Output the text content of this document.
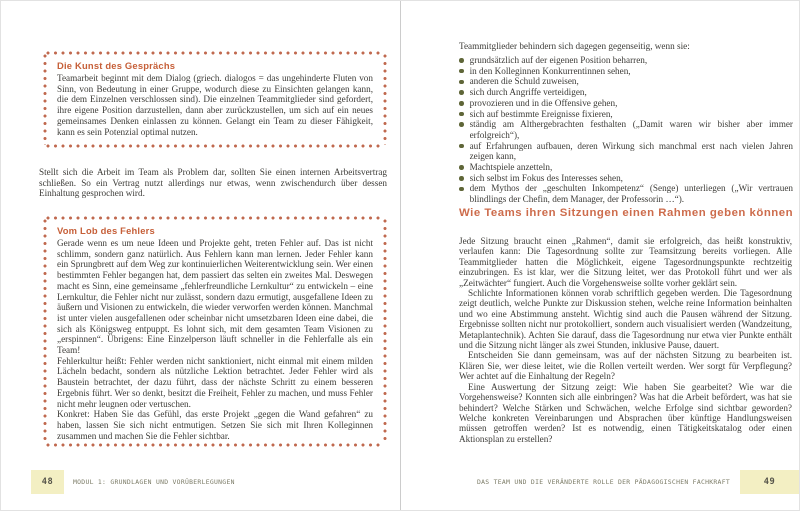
Die Kunst des Gesprächs

Teamarbeit beginnt mit dem Dialog (griech. dialogos = das ungehinderte Fluten von Sinn, von Bedeutung in einer Gruppe, wodurch diese zu Einsichten gelangen kann, die dem Einzelnen verschlossen sind). Die einzelnen Teammitglieder sind gefordert, ihre eigene Position darzustellen, dann aber zurückzustellen, um sich auf ein neues gemeinsames Denken einlassen zu können. Gelangt ein Team zu dieser Fähigkeit, kann es sein Potenzial optimal nutzen.

Stellt sich die Arbeit im Team als Problem dar, sollten Sie einen internen Arbeitsvertrag schließen. So ein Vertrag nutzt allerdings nur etwas, wenn zwischendurch über dessen Einhaltung gesprochen wird.

Vom Lob des Fehlers

Gerade wenn es um neue Ideen und Projekte geht, treten Fehler auf. Das ist nicht schlimm, sondern ganz natürlich. Aus Fehlern kann man lernen. Jeder Fehler kann ein Sprungbrett auf dem Weg zur kontinuierlichen Weiterentwicklung sein. Wer einen bestimmten Fehler begangen hat, dem passiert das selten ein zweites Mal. Deswegen macht es Sinn, eine gemeinsame „fehlerfreundliche Lernkultur“ zu entwickeln – eine Lernkultur, die Fehler nicht nur zulässt, sondern dazu ermutigt, ausgefallene Ideen zu äußern und Visionen zu entwickeln, die wieder verworfen werden können. Manchmal ist unter vielen ausgefallenen oder scheinbar nicht umsetzbaren Ideen eine dabei, die sich als Königsweg entpuppt. Es lohnt sich, mit dem gesamten Team Visionen zu „erspinnen“. Übrigens: Eine Einzelperson läuft schneller in die Fehlerfalle als ein Team!

Fehlerkultur heißt: Fehler werden nicht sanktioniert, nicht einmal mit einem milden Lächeln bedacht, sondern als nützliche Lektion betrachtet. Jeder Fehler wird als Baustein betrachtet, der dazu führt, dass der nächste Schritt zu einem besseren Ergebnis führt. Wer so denkt, besitzt die Freiheit, Fehler zu machen, und muss Fehler nicht mehr leugnen oder vertuschen.

Konkret: Haben Sie das Gefühl, das erste Projekt „gegen die Wand gefahren“ zu haben, lassen Sie sich nicht entmutigen. Setzen Sie sich mit Ihren Kolleginnen zusammen und machen Sie die Fehler sichtbar.

48	MODUL 1: GRUNDLAGEN UND VORÜBERLEGUNGEN

Teammitglieder behindern sich dagegen gegenseitig, wenn sie:

grundsätzlich auf der eigenen Position beharren,
in den Kolleginnen Konkurrentinnen sehen,
anderen die Schuld zuweisen,
sich durch Angriffe verteidigen,
provozieren und in die Offensive gehen,
sich auf bestimmte Ereignisse fixieren,
ständig am Althergebrachten festhalten („Damit waren wir bisher aber immer erfolgreich“),
auf Erfahrungen aufbauen, deren Wirkung sich manchmal erst nach vielen Jahren zeigen kann,
Machtspiele anzetteln,
sich selbst im Fokus des Interesses sehen,
dem Mythos der „geschulten Inkompetenz“ (Senge) unterliegen („Wir vertrauen blindlings der Chefin, dem Manager, der Professorin …“).
Wie Teams ihren Sitzungen einen Rahmen geben können

Jede Sitzung braucht einen „Rahmen“, damit sie erfolgreich, das heißt konstruktiv, verlaufen kann: Die Tagesordnung sollte zur Teamsitzung bereits vorliegen. Alle Teammitglieder hatten die Möglichkeit, eigene Tagesordnungspunkte rechtzeitig einzubringen. Es ist klar, wer die Sitzung leitet, wer das Protokoll führt und wer als „Zeitwächter“ fungiert. Auch die Vorgehensweise sollte vorher geklärt sein.

Schlichte Informationen können vorab schriftlich gegeben werden. Die Tagesordnung zeigt deutlich, welche Punkte zur Diskussion stehen, welche reine Information beinhalten und wo eine Abstimmung ansteht. Wichtig sind auch die Pausen während der Sitzung. Ergebnisse sollten nicht nur protokolliert, sondern auch visualisiert werden (Wandzeitung, Metaplantechnik). Achten Sie darauf, dass die Tagesordnung nur etwa vier Punkte enthält und die Sitzung nicht länger als zwei Stunden, inklusive Pause, dauert.

Entscheiden Sie dann gemeinsam, was auf der nächsten Sitzung zu bearbeiten ist. Klären Sie, wer diese leitet, wie die Rollen verteilt werden. Wer sorgt für Verpflegung? Wer achtet auf die Einhaltung der Regeln?

Eine Auswertung der Sitzung zeigt: Wie haben Sie gearbeitet? Wie war die Vorgehensweise? Konnten sich alle einbringen? Was hat die Arbeit befördert, was hat sie behindert? Welche Stärken und Schwächen, welche Erfolge sind sichtbar geworden? Welche konkreten Vereinbarungen und Absprachen über künftige Handlungsweisen müssen getroffen werden? Ist es notwendig, einen Tätigkeitskatalog oder einen Aktionsplan zu erstellen?

DAS TEAM UND DIE VERÄNDERTE ROLLE DER PÄDAGOGISCHEN FACHKRAFT	49
